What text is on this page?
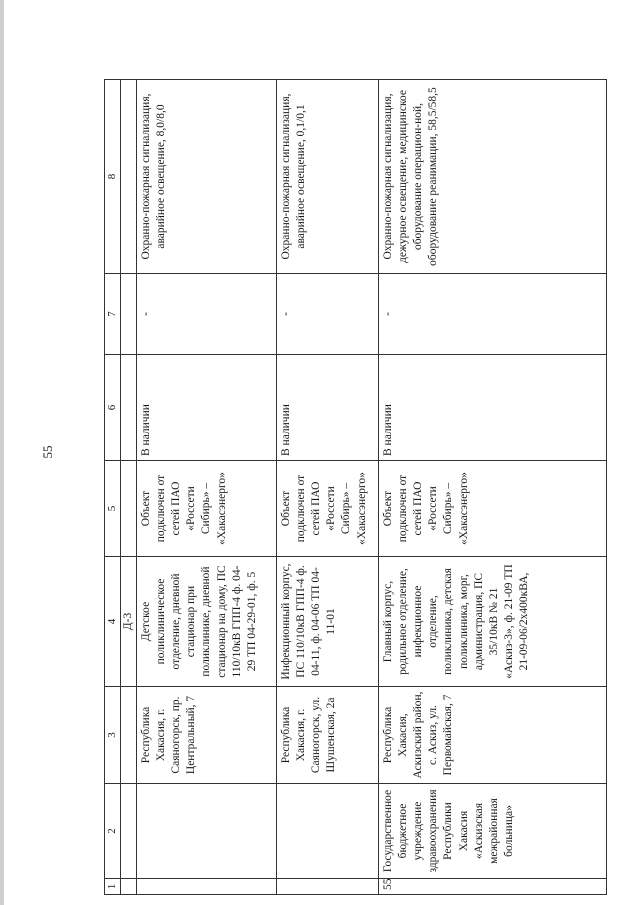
55
1	2	3	4	5	6	7	8
			Д-3				
		Республика Хакасия, г. Саяногорск, пр. Центральный, 7	Детское поликлиническое отделение, дневной стационар при поликлинике, дневной стационар на дому, ПС 110/10кВ ГПП-4 ф. 04-29 ТП 04-29-01, ф. 5	Объект подключен от сетей ПАО «Россети Сибирь» – «Хакасэнерго»	В наличии	-	Охранно-пожарная сигнализация, аварийное освещение, 8,0/8,0
		Республика Хакасия, г. Саяногорск, ул. Шушенская, 2а	Инфекционный корпус, ПС 110/10кВ ГПП-4 ф. 04-11, ф. 04-06 ТП 04-11-01	Объект подключен от сетей ПАО «Россети Сибирь» – «Хакасэнерго»	В наличии	-	Охранно-пожарная сигнализация, аварийное освещение, 0,1/0,1
55	Государственное бюджетное учреждение здравоохранения Республики Хакасия «Аскизская межрайонная больница»	Республика Хакасия, Аскизский район, с. Аскиз, ул. Первомайская, 7	Главный корпус, родильное отделение, инфекционное отделение, поликлиника, детская поликлиника, морг, администрация, ПС 35/10кВ № 21 «Аскиз-3», ф. 21-09 ТП 21-09-06/2х400кВА,	Объект подключен от сетей ПАО «Россети Сибирь» – «Хакасэнерго»	В наличии	-	Охранно-пожарная сигнализация, дежурное освещение, медицинское оборудование операцион-ной, оборудование реанимации, 58,5/58,5
